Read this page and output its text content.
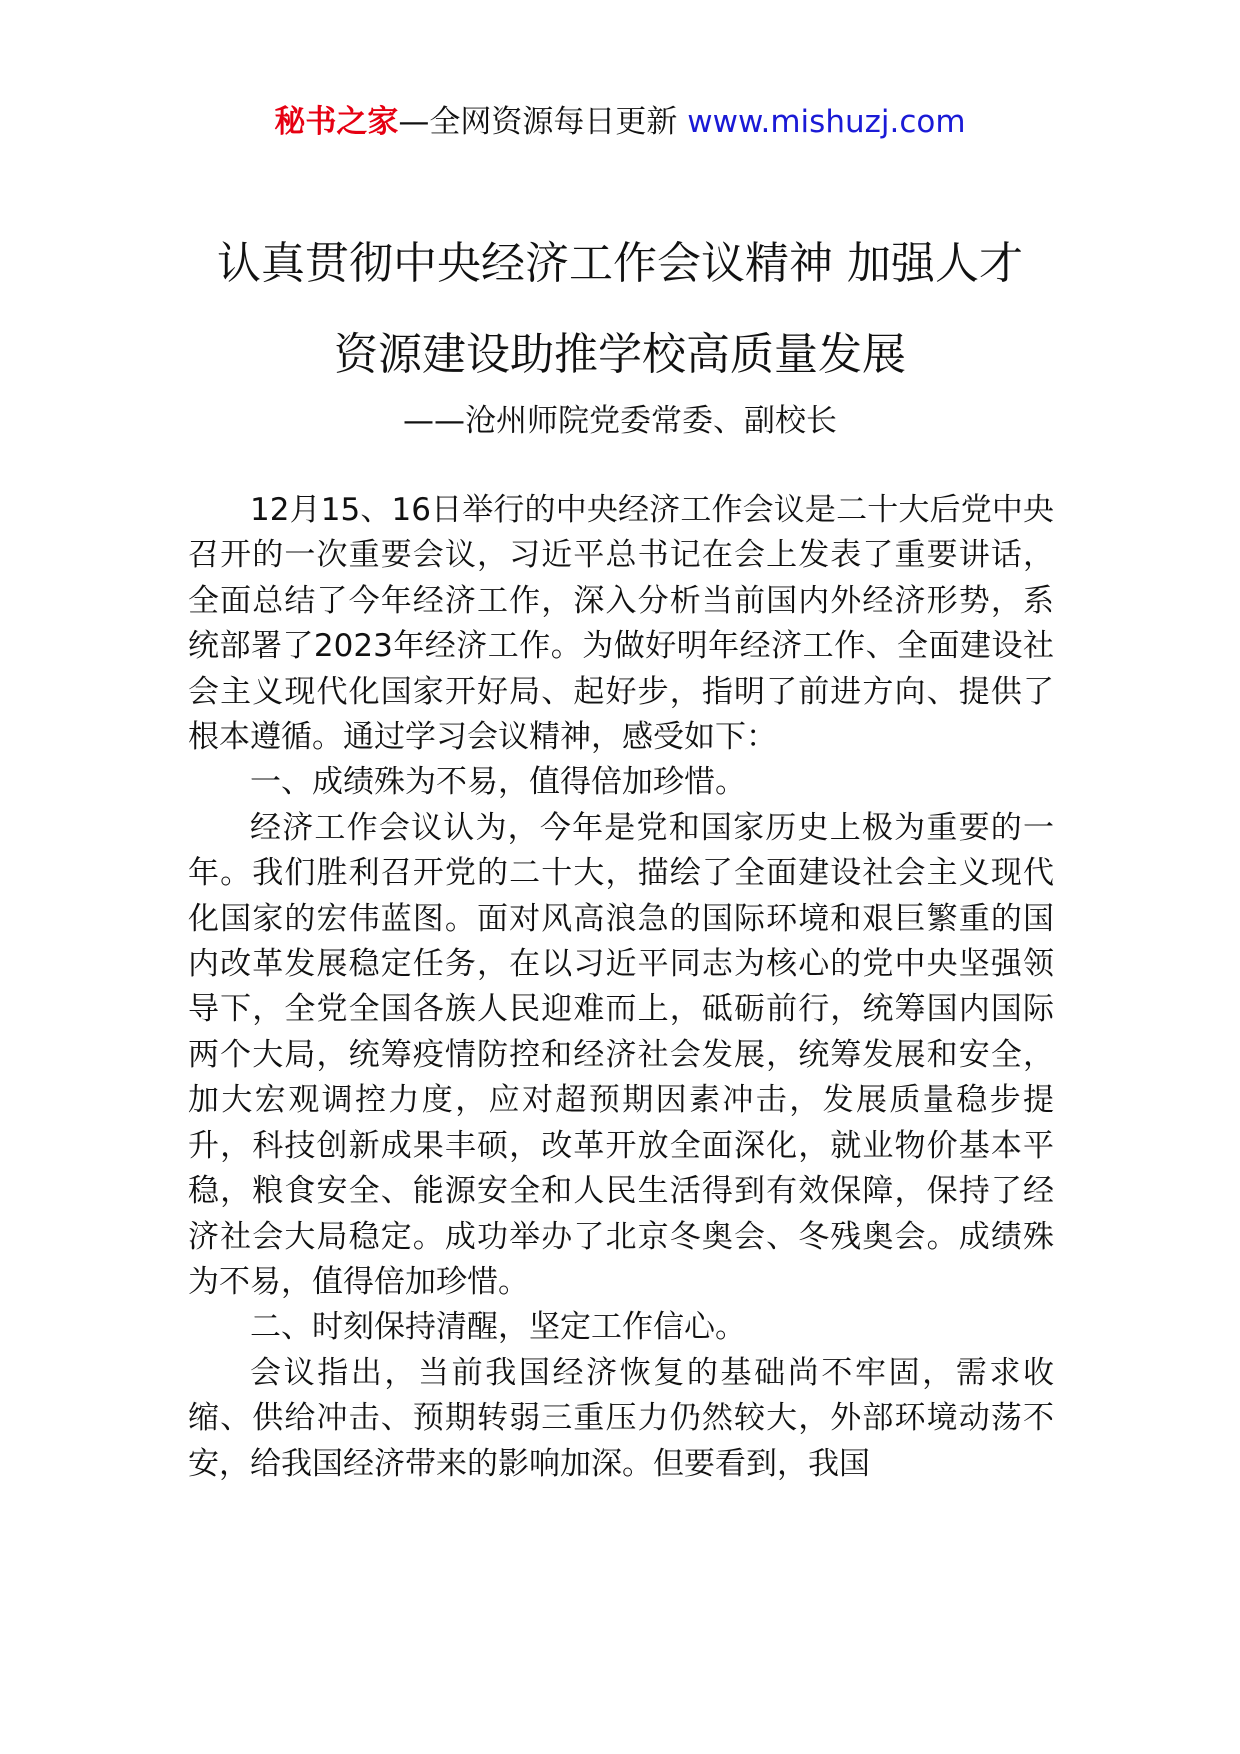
秘书之家—全网资源每日更新 www.mishuzj.com
认真贯彻中央经济工作会议精神 加强人才
资源建设助推学校高质量发展
——沧州师院党委常委、副校长

12月15、16日举行的中央经济工作会议是二十大后党中央召开的一次重要会议，习近平总书记在会上发表了重要讲话，全面总结了今年经济工作，深入分析当前国内外经济形势，系统部署了2023年经济工作。为做好明年经济工作、全面建设社会主义现代化国家开好局、起好步，指明了前进方向、提供了根本遵循。通过学习会议精神，感受如下：

一、成绩殊为不易，值得倍加珍惜。

经济工作会议认为，今年是党和国家历史上极为重要的一年。我们胜利召开党的二十大，描绘了全面建设社会主义现代化国家的宏伟蓝图。面对风高浪急的国际环境和艰巨繁重的国内改革发展稳定任务，在以习近平同志为核心的党中央坚强领导下，全党全国各族人民迎难而上，砥砺前行，统筹国内国际两个大局，统筹疫情防控和经济社会发展，统筹发展和安全，加大宏观调控力度，应对超预期因素冲击，发展质量稳步提升，科技创新成果丰硕，改革开放全面深化，就业物价基本平稳，粮食安全、能源安全和人民生活得到有效保障，保持了经济社会大局稳定。成功举办了北京冬奥会、冬残奥会。成绩殊为不易，值得倍加珍惜。

二、时刻保持清醒，坚定工作信心。

会议指出，当前我国经济恢复的基础尚不牢固，需求收缩、供给冲击、预期转弱三重压力仍然较大，外部环境动荡不安，给我国经济带来的影响加深。但要看到，我国
